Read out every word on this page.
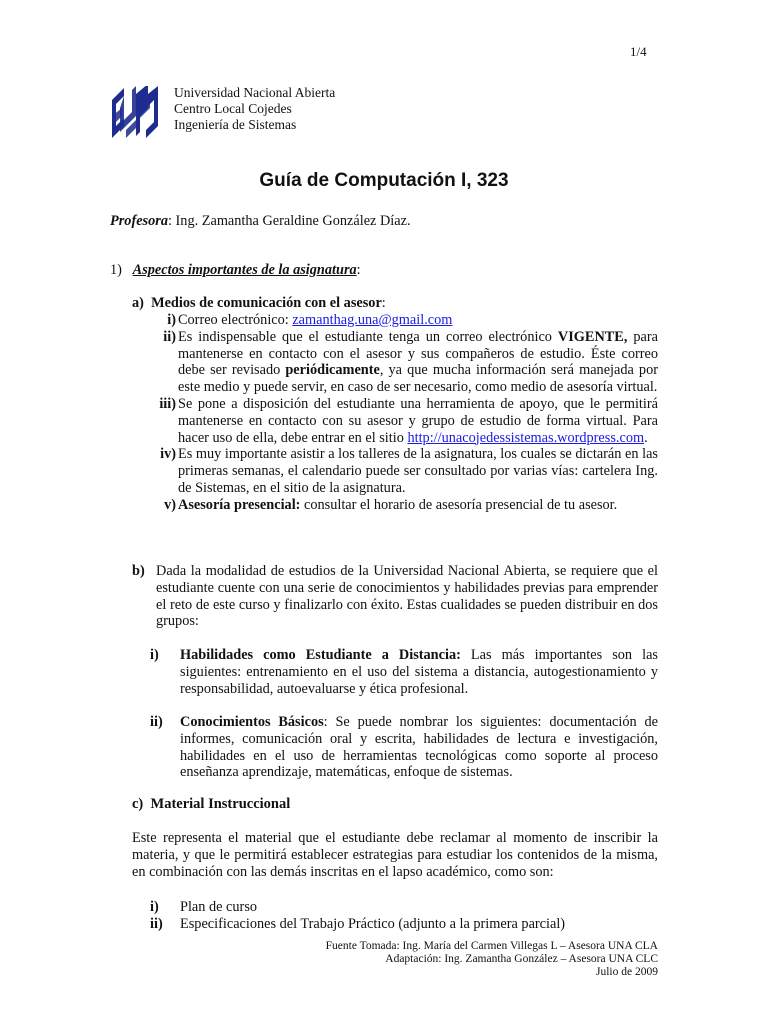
1/4
Universidad Nacional Abierta
Centro Local Cojedes
Ingeniería de Sistemas
Guía de Computación I, 323
Profesora: Ing. Zamantha Geraldine González Díaz.
1) Aspectos importantes de la asignatura:
a) Medios de comunicación con el asesor:
i) Correo electrónico: zamanthag.una@gmail.com
ii) Es indispensable que el estudiante tenga un correo electrónico VIGENTE, para mantenerse en contacto con el asesor y sus compañeros de estudio. Éste correo debe ser revisado periódicamente, ya que mucha información será manejada por este medio y puede servir, en caso de ser necesario, como medio de asesoría virtual.
iii) Se pone a disposición del estudiante una herramienta de apoyo, que le permitirá mantenerse en contacto con su asesor y grupo de estudio de forma virtual. Para hacer uso de ella, debe entrar en el sitio http://unacojedessistemas.wordpress.com.
iv) Es muy importante asistir a los talleres de la asignatura, los cuales se dictarán en las primeras semanas, el calendario puede ser consultado por varias vías: cartelera Ing. de Sistemas, en el sitio de la asignatura.
v) Asesoría presencial: consultar el horario de asesoría presencial de tu asesor.
b) Dada la modalidad de estudios de la Universidad Nacional Abierta, se requiere que el estudiante cuente con una serie de conocimientos y habilidades previas para emprender el reto de este curso y finalizarlo con éxito. Estas cualidades se pueden distribuir en dos grupos:
i) Habilidades como Estudiante a Distancia: Las más importantes son las siguientes: entrenamiento en el uso del sistema a distancia, autogestionamiento y responsabilidad, autoevaluarse y ética profesional.
ii) Conocimientos Básicos: Se puede nombrar los siguientes: documentación de informes, comunicación oral y escrita, habilidades de lectura e investigación, habilidades en el uso de herramientas tecnológicas como soporte al proceso enseñanza aprendizaje, matemáticas, enfoque de sistemas.
c)  Material Instruccional
Este representa el material que el estudiante debe reclamar al momento de inscribir la materia, y que le permitirá establecer estrategias para estudiar los contenidos de la misma, en combinación con las demás inscritas en el lapso académico, como son:
i) Plan de curso
ii) Especificaciones del Trabajo Práctico (adjunto a la primera parcial)
Fuente Tomada: Ing. María del Carmen Villegas L – Asesora UNA CLA
Adaptación: Ing. Zamantha González – Asesora UNA CLC
Julio de 2009
